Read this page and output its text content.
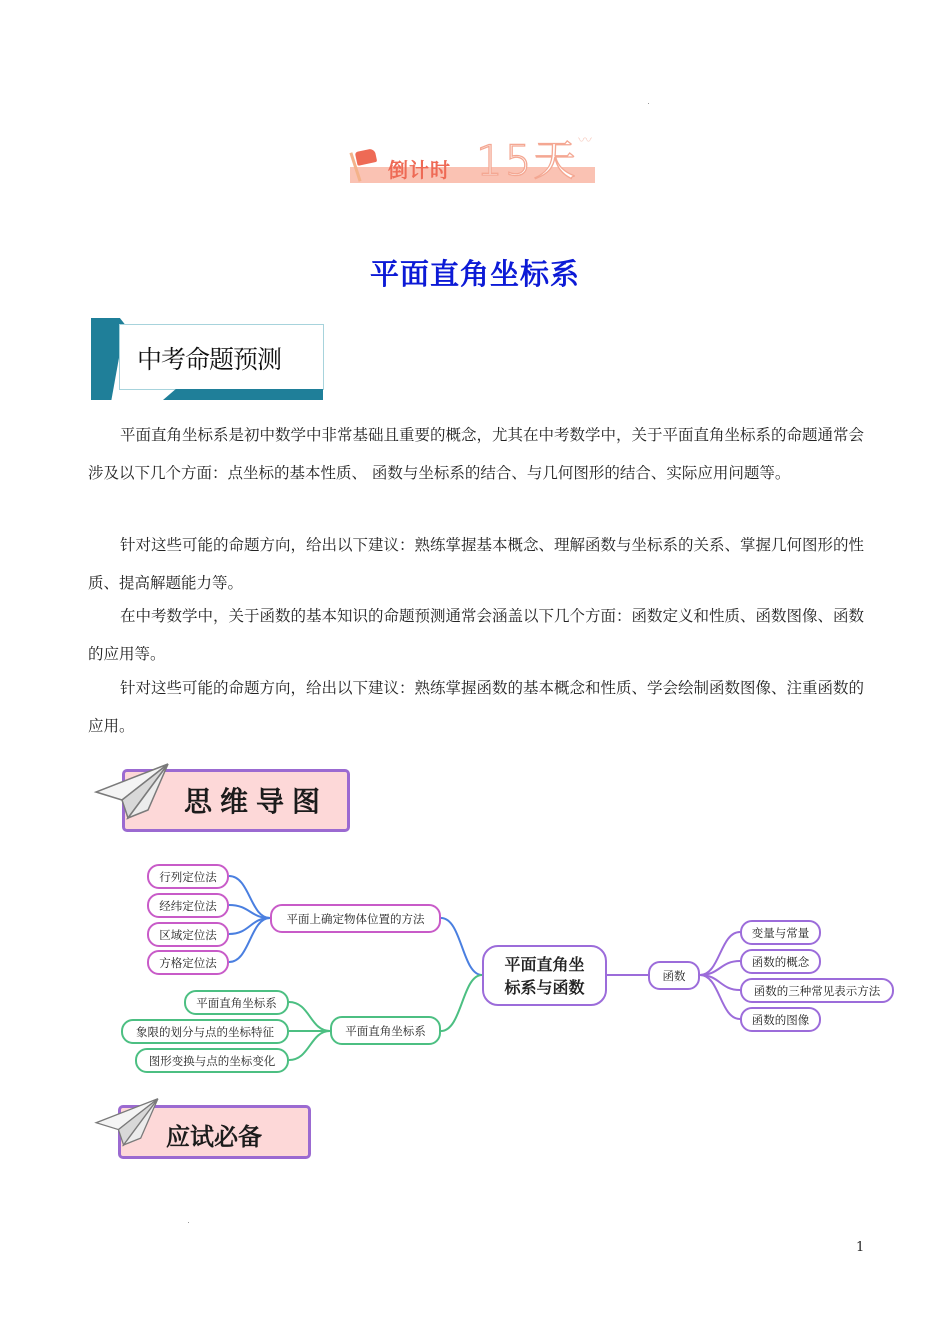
倒计时 15天 〰
平面直角坐标系
中考命题预测
平面直角坐标系是初中数学中非常基础且重要的概念，尤其在中考数学中，关于平面直角坐标系的命题通常会涉及以下几个方面：点坐标的基本性质、 函数与坐标系的结合、与几何图形的结合、实际应用问题等。
针对这些可能的命题方向，给出以下建议：熟练掌握基本概念、理解函数与坐标系的关系、掌握几何图形的性质、提高解题能力等。
在中考数学中，关于函数的基本知识的命题预测通常会涵盖以下几个方面：函数定义和性质、函数图像、函数的应用等。
针对这些可能的命题方向，给出以下建议：熟练掌握函数的基本概念和性质、学会绘制函数图像、注重函数的应用。
思维导图
行列定位法
经纬定位法
区域定位法
方格定位法
平面上确定物体位置的方法
平面直角坐标系
象限的划分与点的坐标特征
图形变换与点的坐标变化
平面直角坐标系
平面直角坐
标系与函数
函数
变量与常量
函数的概念
函数的三种常见表示方法
函数的图像
应试必备
1
